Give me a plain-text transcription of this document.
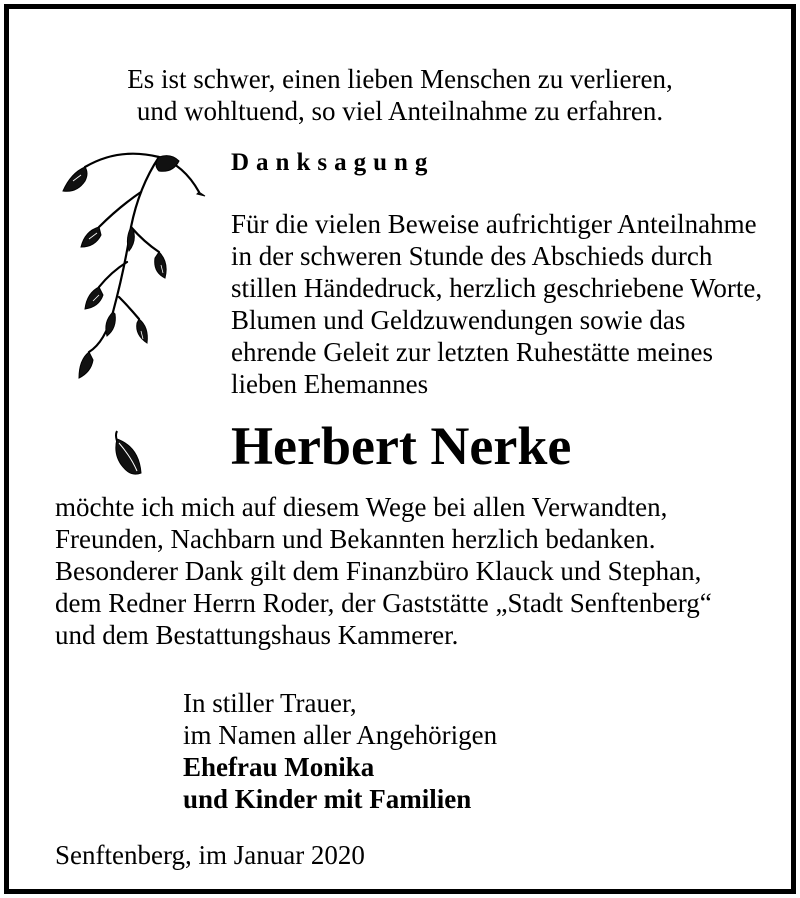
Es ist schwer, einen lieben Menschen zu verlieren,
und wohltuend, so viel Anteilnahme zu erfahren.
Danksagung
Für die vielen Beweise aufrichtiger Anteilnahme
in der schweren Stunde des Abschieds durch
stillen Händedruck, herzlich geschriebene Worte,
Blumen und Geldzuwendungen sowie das
ehrende Geleit zur letzten Ruhestätte meines
lieben Ehemannes
Herbert Nerke
möchte ich mich auf diesem Wege bei allen Verwandten,
Freunden, Nachbarn und Bekannten herzlich bedanken.
Besonderer Dank gilt dem Finanzbüro Klauck und Stephan,
dem Redner Herrn Roder, der Gaststätte „Stadt Senftenberg“
und dem Bestattungshaus Kammerer.
In stiller Trauer,
im Namen aller Angehörigen
Ehefrau Monika
und Kinder mit Familien
Senftenberg, im Januar 2020
